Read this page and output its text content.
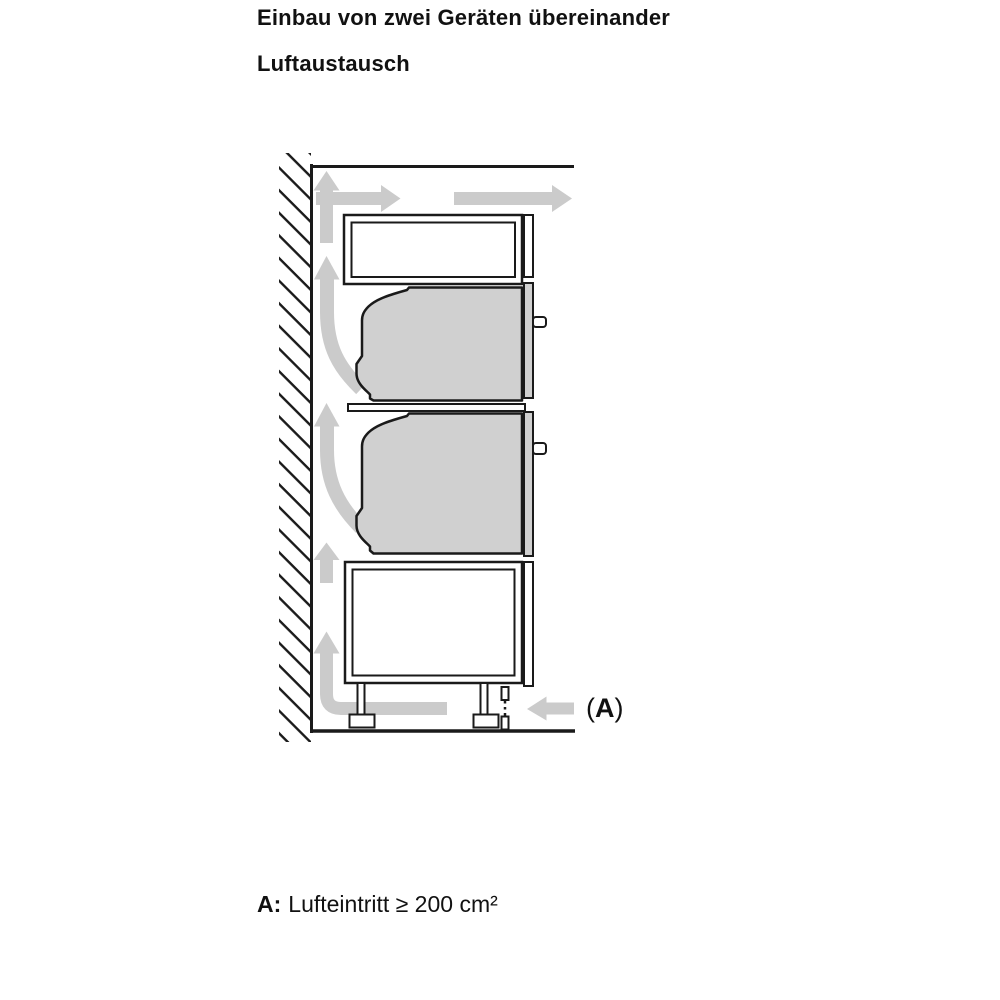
Einbau von zwei Geräten übereinander
Luftaustausch
(A)
A: Lufteintritt ≥ 200 cm²
